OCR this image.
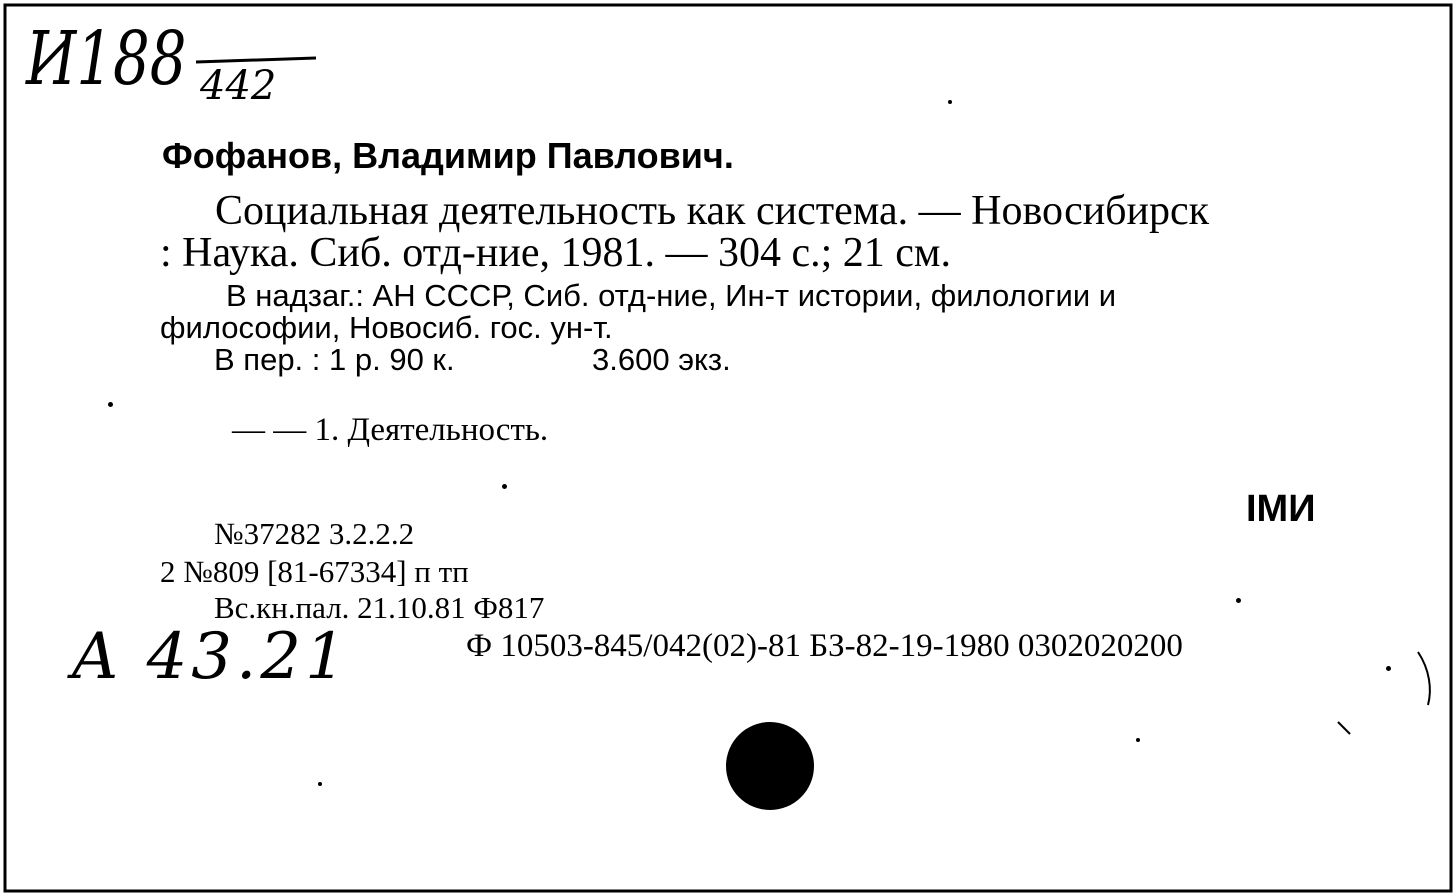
И188 442
A 43.21
Фофанов, Владимир Павлович.
Социальная деятельность как система. — Новосибирск
: Наука. Сиб. отд-ние, 1981. — 304 с.; 21 см.
В надзаг.: АН СССР, Сиб. отд-ние, Ин-т истории, филологии и
философии, Новосиб. гос. ун-т.
В пер. : 1 р. 90 к.	3.600 экз.
— — 1. Деятельность.
IМИ
№37282 3.2.2.2
2 №809 [81-67334] п тп
Вс.кн.пал. 21.10.81 Ф817
Ф 10503-845/042(02)-81 БЗ-82-19-1980 0302020200
